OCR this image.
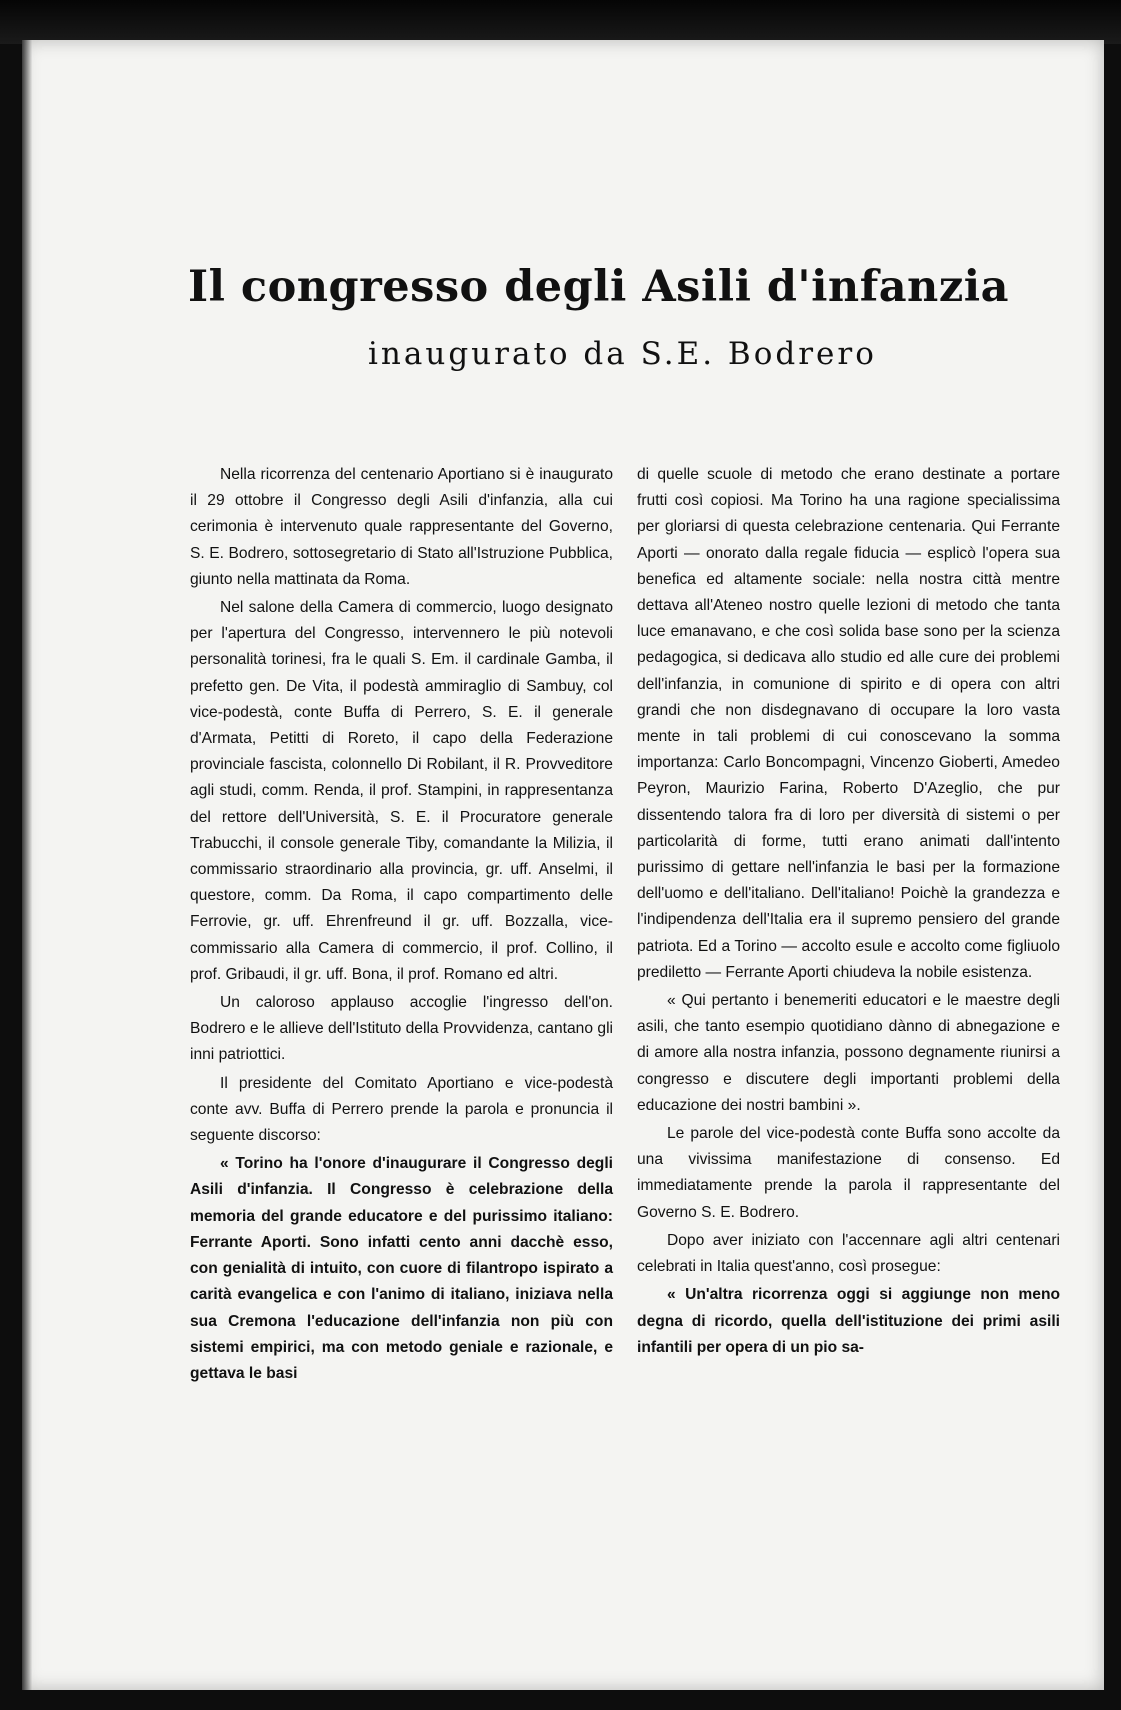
Il congresso degli Asili d'infanzia
inaugurato da S.E. Bodrero

Nella ricorrenza del centenario Aportiano si è inaugurato il 29 ottobre il Congresso degli Asili d'infanzia, alla cui cerimonia è intervenuto quale rappresentante del Governo, S. E. Bodrero, sottosegretario di Stato all'Istruzione Pubblica, giunto nella mattinata da Roma.

Nel salone della Camera di commercio, luogo designato per l'apertura del Congresso, intervennero le più notevoli personalità torinesi, fra le quali S. Em. il cardinale Gamba, il prefetto gen. De Vita, il podestà ammiraglio di Sambuy, col vice-podestà, conte Buffa di Perrero, S. E. il generale d'Armata, Petitti di Roreto, il capo della Federazione provinciale fascista, colonnello Di Robilant, il R. Provveditore agli studi, comm. Renda, il prof. Stampini, in rappresentanza del rettore dell'Università, S. E. il Procuratore generale Trabucchi, il console generale Tiby, comandante la Milizia, il commissario straordinario alla provincia, gr. uff. Anselmi, il questore, comm. Da Roma, il capo compartimento delle Ferrovie, gr. uff. Ehrenfreund il gr. uff. Bozzalla, vice-commissario alla Camera di commercio, il prof. Collino, il prof. Gribaudi, il gr. uff. Bona, il prof. Romano ed altri.

Un caloroso applauso accoglie l'ingresso dell'on. Bodrero e le allieve dell'Istituto della Provvidenza, cantano gli inni patriottici.

Il presidente del Comitato Aportiano e vice-podestà conte avv. Buffa di Perrero prende la parola e pronuncia il seguente discorso:

« Torino ha l'onore d'inaugurare il Congresso degli Asili d'infanzia. Il Congresso è celebrazione della memoria del grande educatore e del purissimo italiano: Ferrante Aporti. Sono infatti cento anni dacchè esso, con genialità di intuito, con cuore di filantropo ispirato a carità evangelica e con l'animo di italiano, iniziava nella sua Cremona l'educazione dell'infanzia non più con sistemi empirici, ma con metodo geniale e razionale, e gettava le basi

di quelle scuole di metodo che erano destinate a portare frutti così copiosi. Ma Torino ha una ragione specialissima per gloriarsi di questa celebrazione centenaria. Qui Ferrante Aporti — onorato dalla regale fiducia — esplicò l'opera sua benefica ed altamente sociale: nella nostra città mentre dettava all'Ateneo nostro quelle lezioni di metodo che tanta luce emanavano, e che così solida base sono per la scienza pedagogica, si dedicava allo studio ed alle cure dei problemi dell'infanzia, in comunione di spirito e di opera con altri grandi che non disdegnavano di occupare la loro vasta mente in tali problemi di cui conoscevano la somma importanza: Carlo Boncompagni, Vincenzo Gioberti, Amedeo Peyron, Maurizio Farina, Roberto D'Azeglio, che pur dissentendo talora fra di loro per diversità di sistemi o per particolarità di forme, tutti erano animati dall'intento purissimo di gettare nell'infanzia le basi per la formazione dell'uomo e dell'italiano. Dell'italiano! Poichè la grandezza e l'indipendenza dell'Italia era il supremo pensiero del grande patriota. Ed a Torino — accolto esule e accolto come figliuolo prediletto — Ferrante Aporti chiudeva la nobile esistenza.

« Qui pertanto i benemeriti educatori e le maestre degli asili, che tanto esempio quotidiano dànno di abnegazione e di amore alla nostra infanzia, possono degnamente riunirsi a congresso e discutere degli importanti problemi della educazione dei nostri bambini ».

Le parole del vice-podestà conte Buffa sono accolte da una vivissima manifestazione di consenso. Ed immediatamente prende la parola il rappresentante del Governo S. E. Bodrero.

Dopo aver iniziato con l'accennare agli altri centenari celebrati in Italia quest'anno, così prosegue:

« Un'altra ricorrenza oggi si aggiunge non meno degna di ricordo, quella dell'istituzione dei primi asili infantili per opera di un pio sa-
